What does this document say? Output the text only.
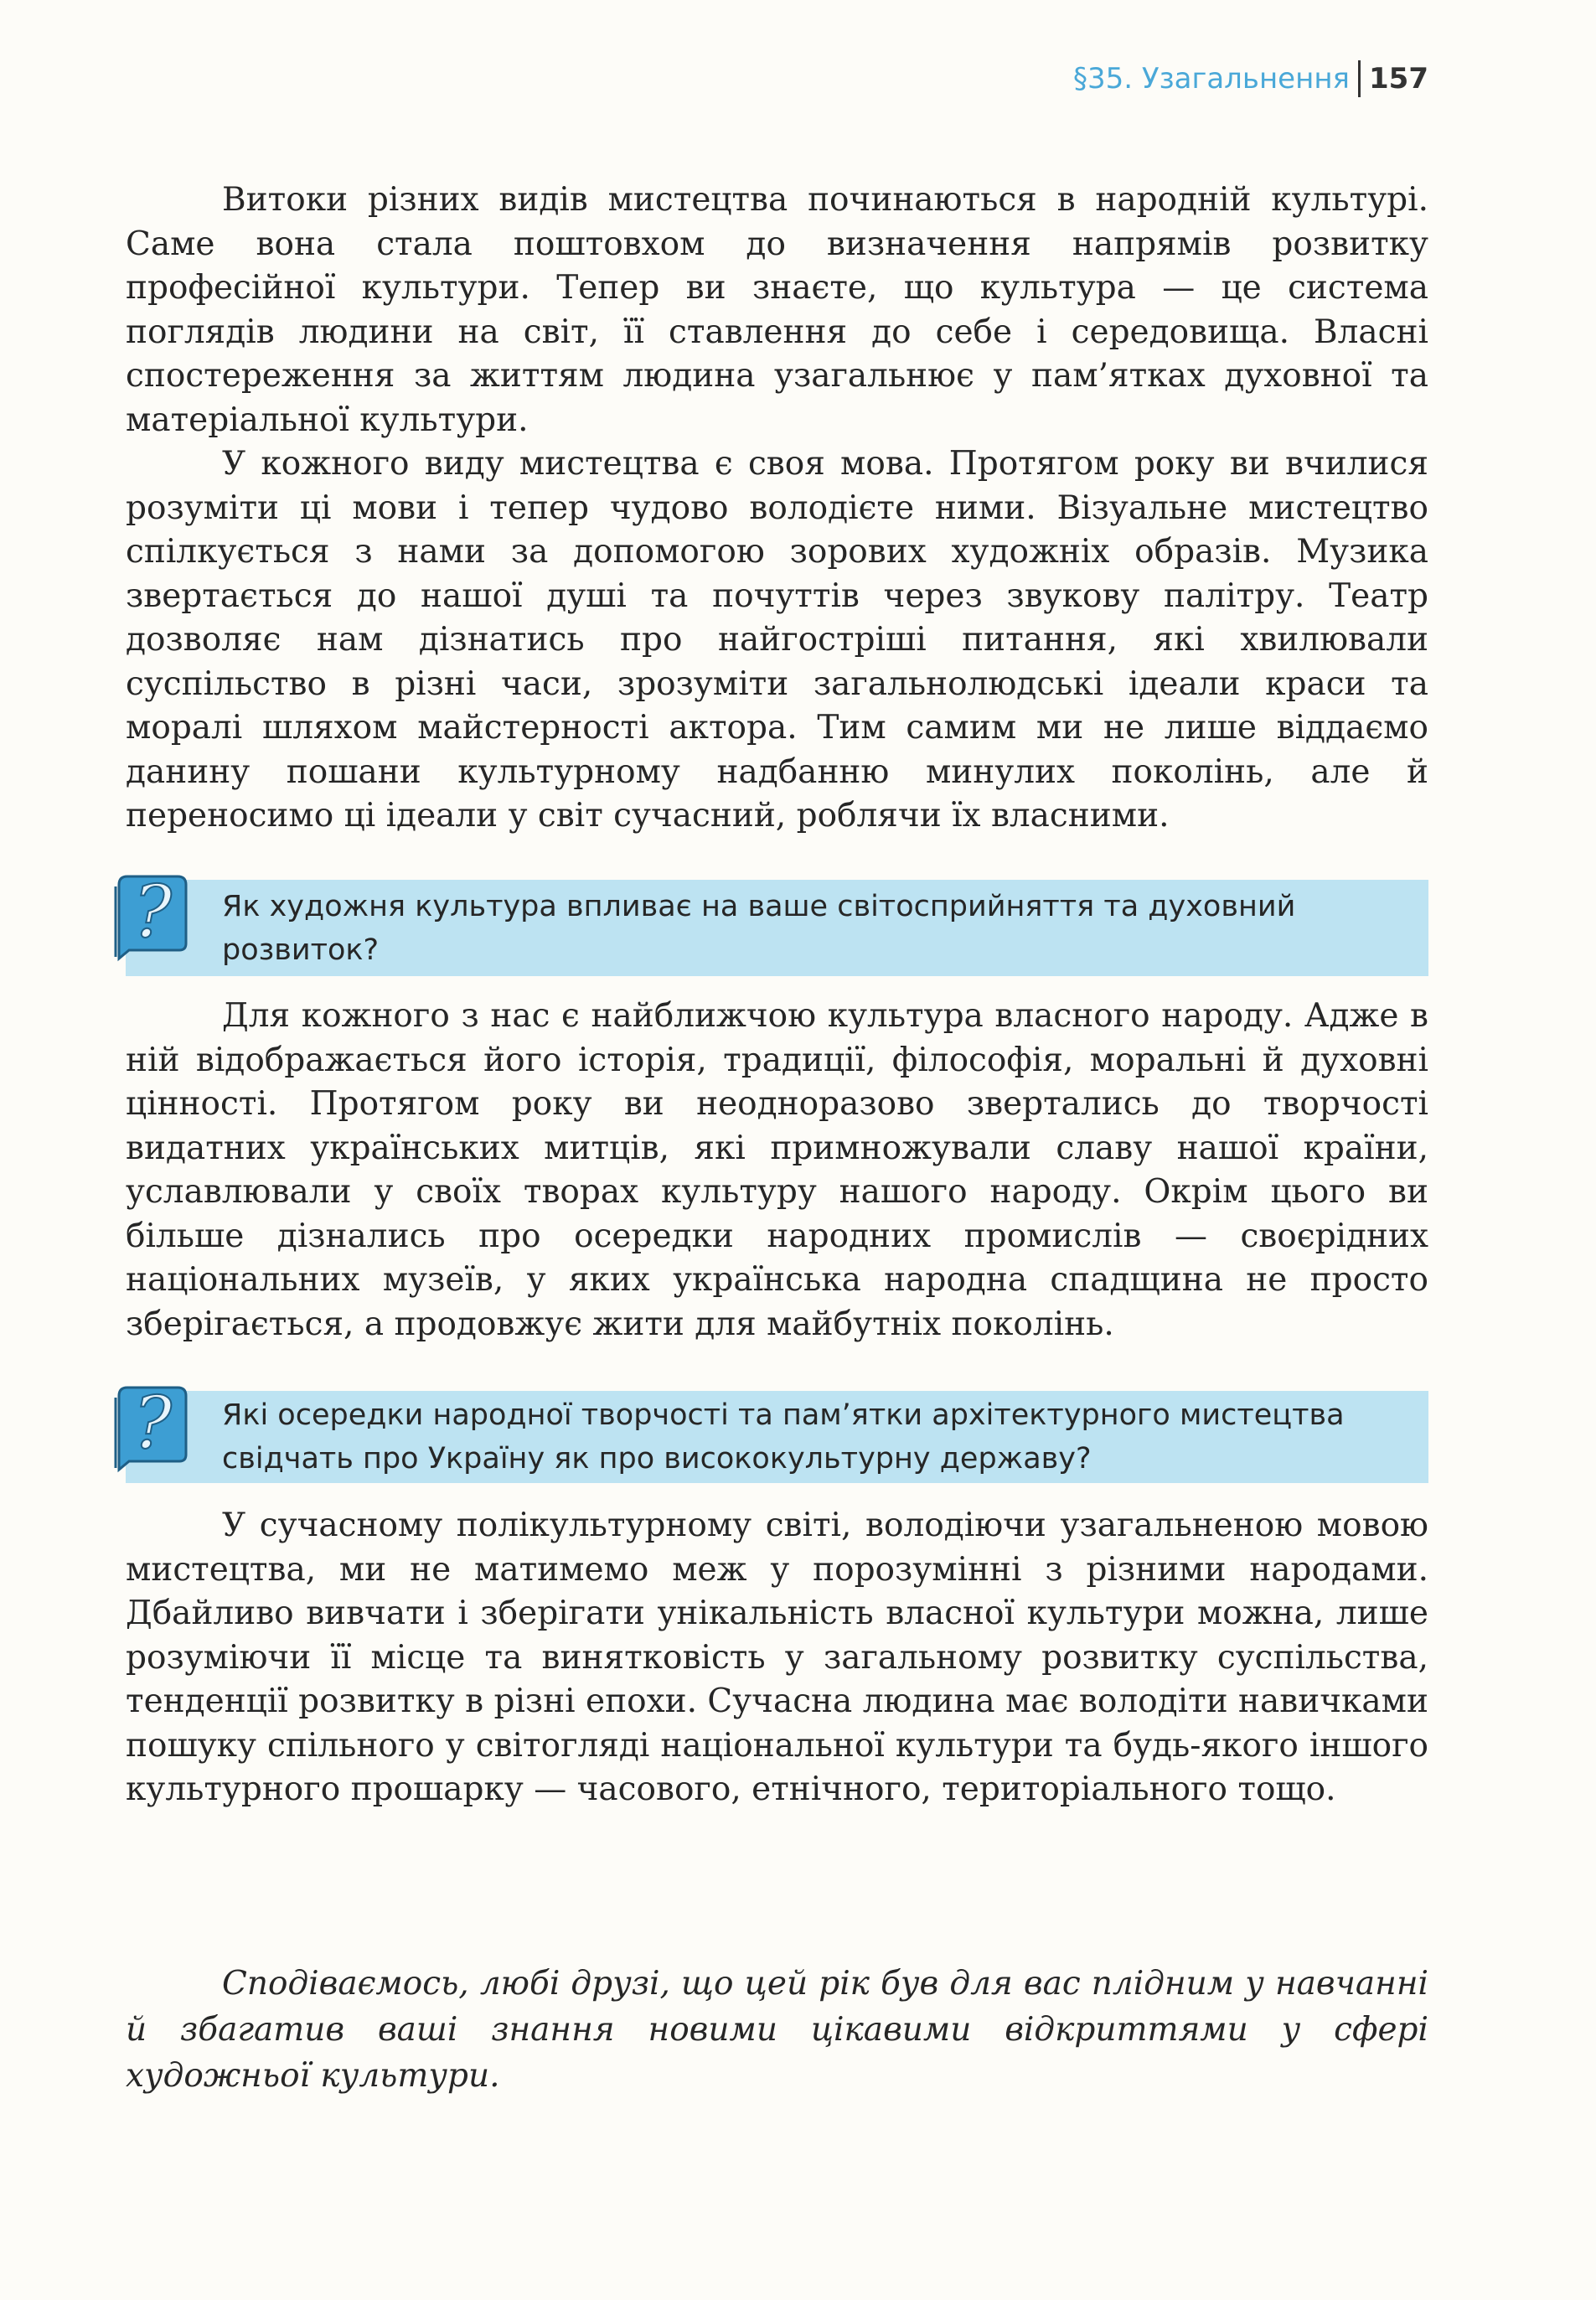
§35. Узагальнення 157

Витоки різних видів мистецтва починаються в народній культурі. Саме вона стала поштовхом до визначення напрямів розвитку професійної культури. Тепер ви знаєте, що культура — це система поглядів людини на світ, її ставлення до себе і середовища. Власні спостереження за життям людина узагальнює у пам’ятках духовної та матеріальної культури.

У кожного виду мистецтва є своя мова. Протягом року ви вчилися розуміти ці мови і тепер чудово володієте ними. Візуальне мистецтво спілкується з нами за допомогою зорових художніх образів. Музика звертається до нашої душі та почуттів через звукову палітру. Театр дозволяє нам дізнатись про найгостріші питання, які хвилювали суспільство в різні часи, зрозуміти загальнолюдські ідеали краси та моралі шляхом майстерності актора. Тим самим ми не лише віддаємо данину пошани культурному надбанню минулих поколінь, але й переносимо ці ідеали у світ сучасний, роблячи їх власними.

? Як художня культура впливає на ваше світосприйняття та духовний розвиток?

Для кожного з нас є найближчою культура власного народу. Адже в ній відображається його історія, традиції, філософія, моральні й духовні цінності. Протягом року ви неодноразово звертались до творчості видатних українських митців, які примножували славу нашої країни, уславлювали у своїх творах культуру нашого народу. Окрім цього ви більше дізнались про осередки народних промислів — своєрідних національних музеїв, у яких українська народна спадщина не просто зберігається, а продовжує жити для майбутніх поколінь.

? Які осередки народної творчості та пам’ятки архітектурного мистецтва свідчать про Україну як про висококультурну державу?

У сучасному полікультурному світі, володіючи узагальненою мовою мистецтва, ми не матимемо меж у порозумінні з різними народами. Дбайливо вивчати і зберігати унікальність власної культури можна, лише розуміючи її місце та винятковість у загальному розвитку суспільства, тенденції розвитку в різні епохи. Сучасна людина має володіти навичками пошуку спільного у світогляді національної культури та будь-якого іншого культурного прошарку — часового, етнічного, територіального тощо.

Сподіваємось, любі друзі, що цей рік був для вас плідним у навчанні й збагатив ваші знання новими цікавими відкриттями у сфері художньої культури.
